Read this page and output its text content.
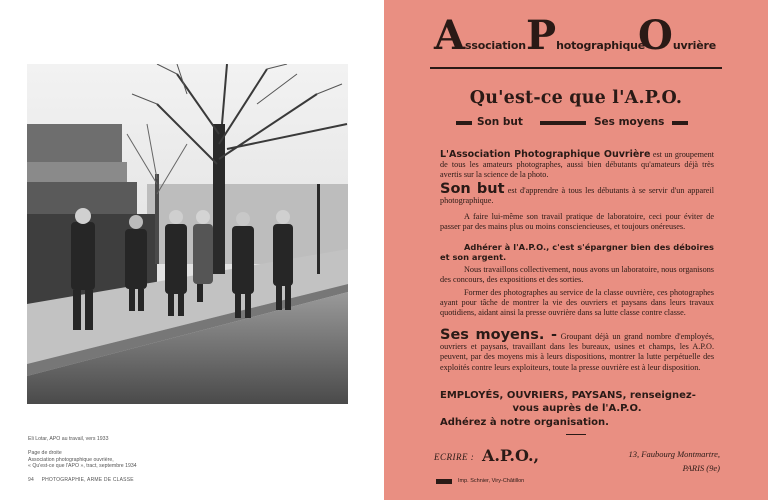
Eli Lotar, APO au travail, vers 1933
Page de droite
Association photographique ouvrière,
« Qu'est-ce que l'APO », tract, septembre 1934
94 PHOTOGRAPHIE, ARME DE CLASSE
Association Photographique
Ouvrière
Qu'est-ce que l'A.P.O.
Son but	Ses moyens
L'Association Photographique Ouvrière est un groupement de tous les amateurs photographes, aussi bien débutants qu'amateurs déjà très avertis sur la science de la photo.
Son but est d'apprendre à tous les débutants à se servir d'un appareil photographique.
A faire lui-même son travail pratique de laboratoire, ceci pour éviter de passer par des mains plus ou moins consciencieuses, et toujours onéreuses.
Adhérer à l'A.P.O., c'est s'épargner bien des déboires et son argent.
Nous travaillons collectivement, nous avons un laboratoire, nous organisons des concours, des expositions et des sorties.
Former des photographes au service de la classe ouvrière, ces photographes ayant pour tâche de montrer la vie des ouvriers et paysans dans leurs travaux quotidiens, aidant ainsi la presse ouvrière dans sa lutte classe contre classe.
Ses moyens. - Groupant déjà un grand nombre d'employés, ouvriers et paysans, travaillant dans les bureaux, usines et champs, les A.P.O. peuvent, par des moyens mis à leurs dispositions, montrer la lutte perpétuelle des exploités contre leurs exploiteurs, toute la presse ouvrière est à leur disposition.
EMPLOYÉS, OUVRIERS, PAYSANS, renseignez-
vous auprès de l'A.P.O.
Adhérez à notre organisation.
ECRIRE : A.P.O.,	13, Faubourg Montmartre,
PARIS (9e)
Imp. Schnier, Viry-Châtillon
